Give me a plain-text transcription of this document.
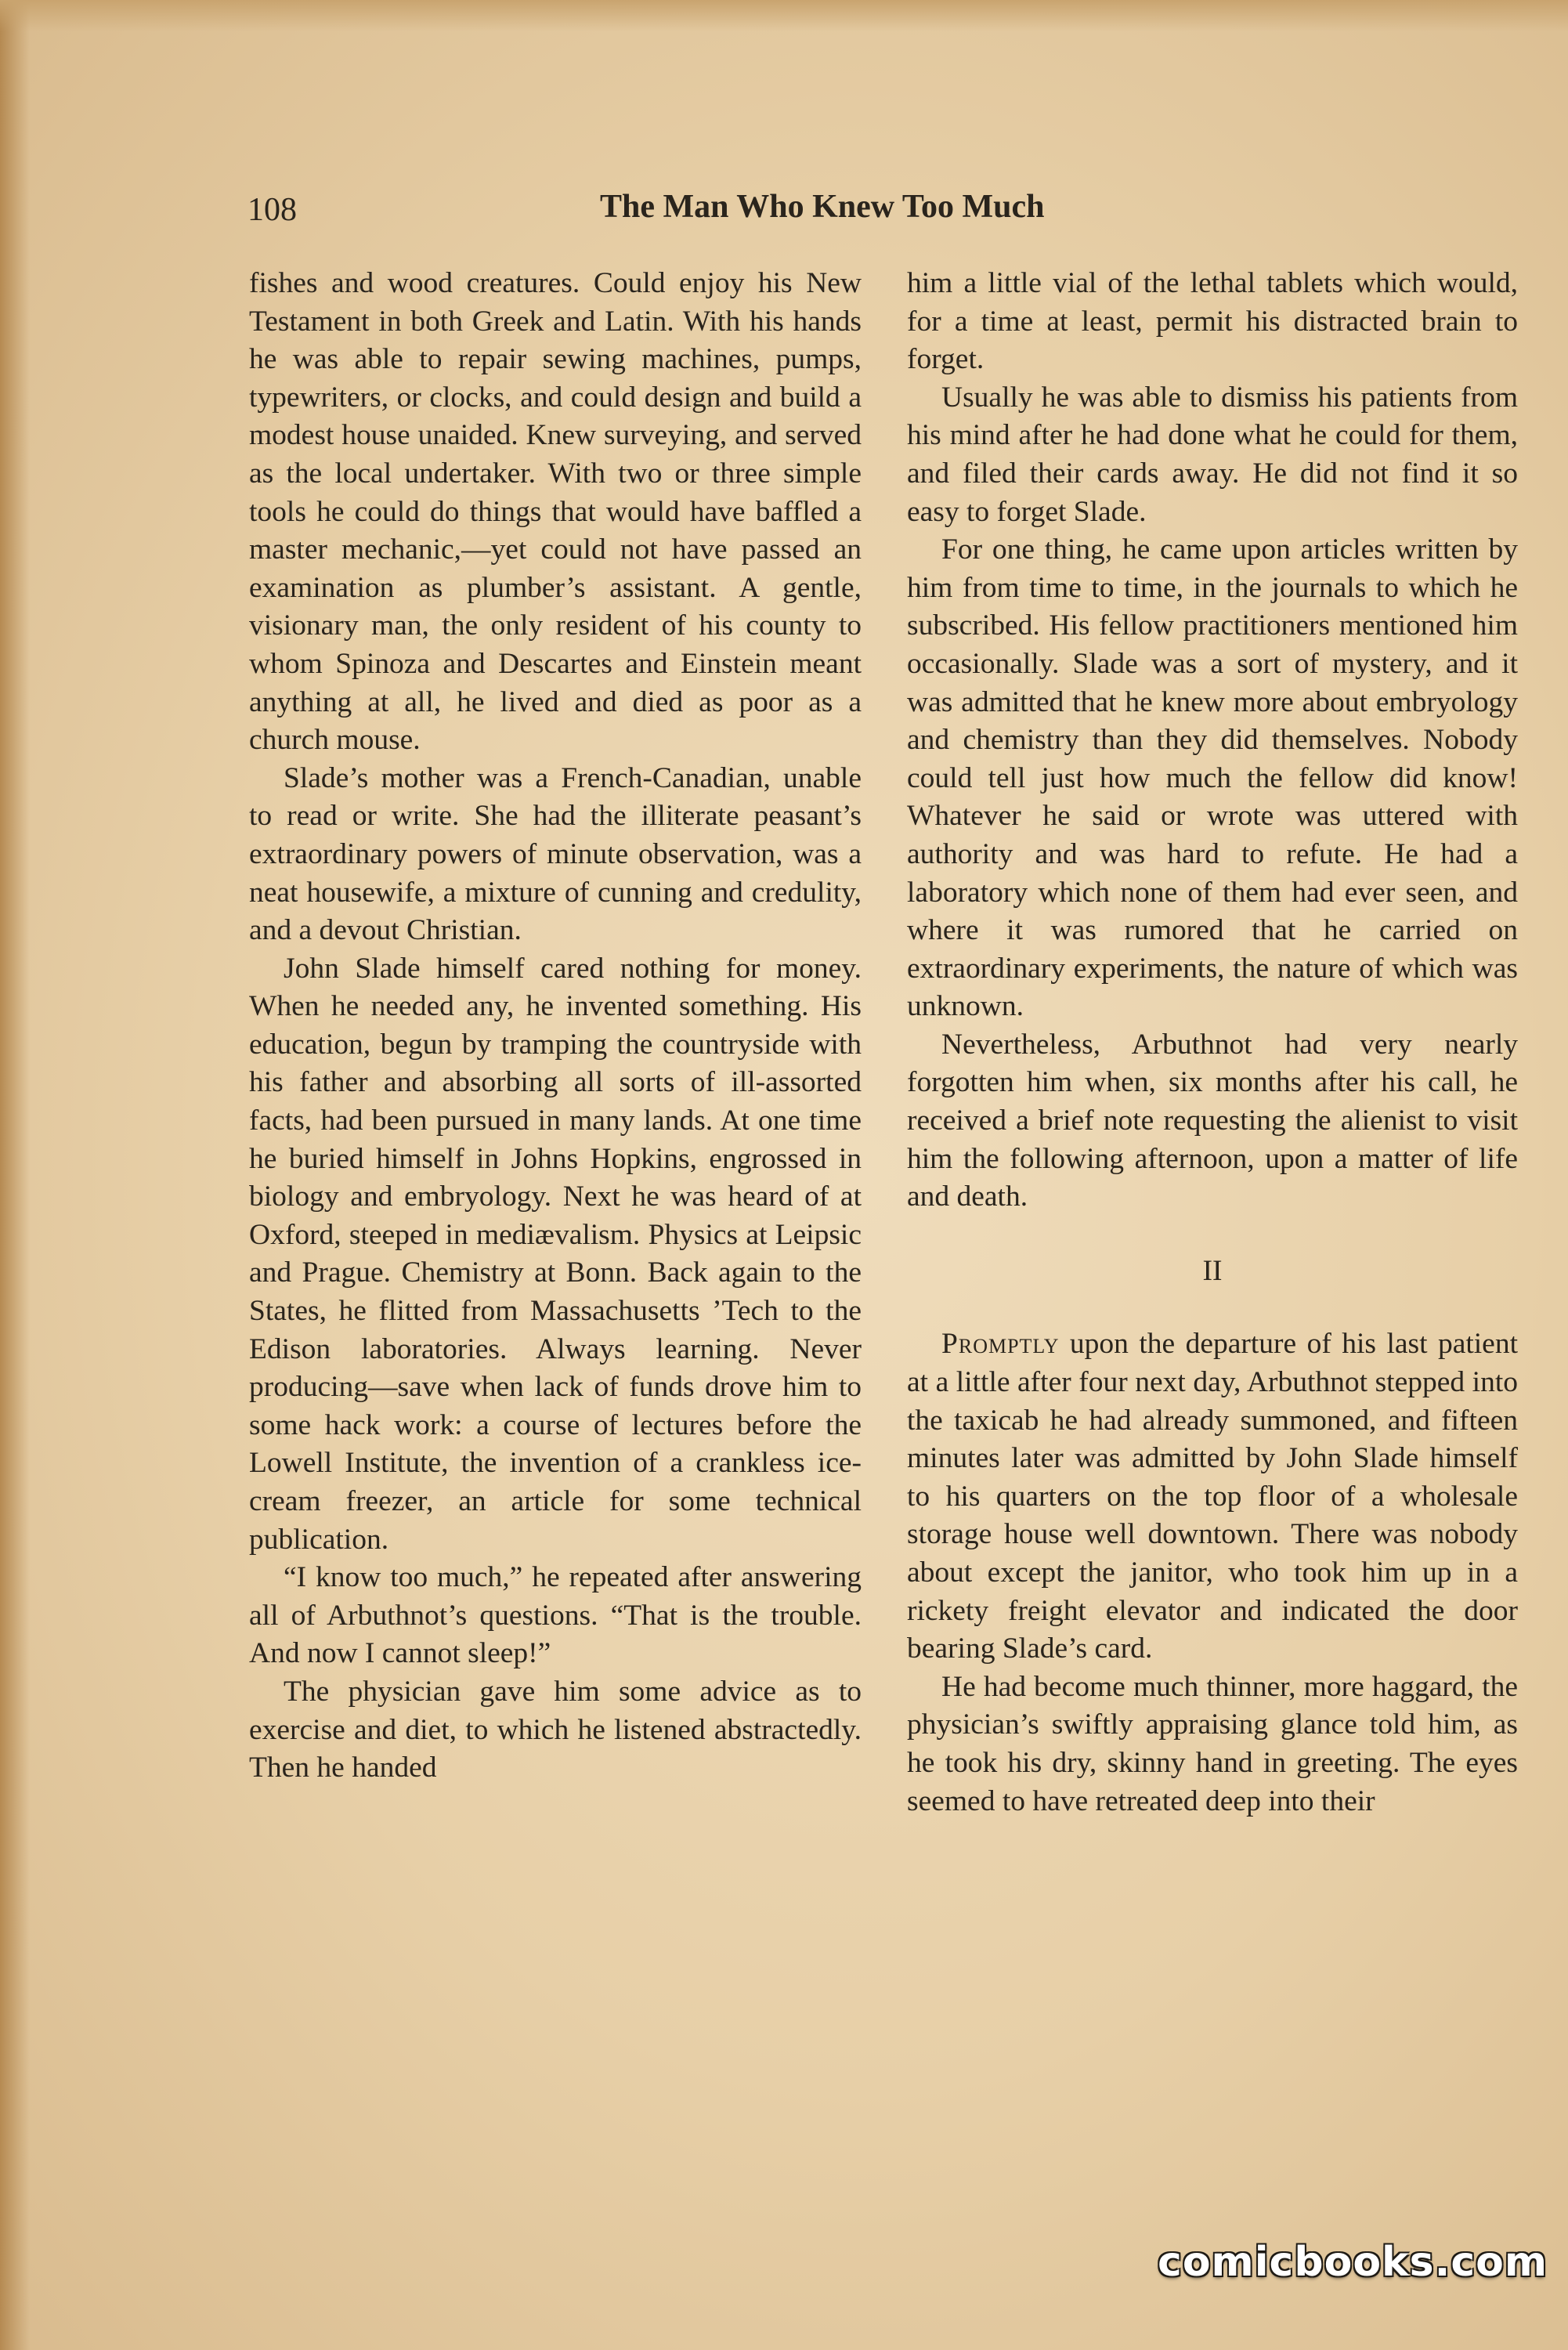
108	The Man Who Knew Too Much

fishes and wood creatures. Could enjoy his New Testament in both Greek and Latin. With his hands he was able to repair sewing machines, pumps, typewriters, or clocks, and could design and build a modest house unaided. Knew surveying, and served as the local undertaker. With two or three simple tools he could do things that would have baffled a master mechanic,—yet could not have passed an examination as plumber’s assistant. A gentle, visionary man, the only resident of his county to whom Spinoza and Descartes and Einstein meant anything at all, he lived and died as poor as a church mouse.

Slade’s mother was a French-Canadian, unable to read or write. She had the illiterate peasant’s extraordinary powers of minute observation, was a neat housewife, a mixture of cunning and credulity, and a devout Christian.

John Slade himself cared nothing for money. When he needed any, he invented something. His education, begun by tramping the countryside with his father and absorbing all sorts of ill-assorted facts, had been pursued in many lands. At one time he buried himself in Johns Hopkins, engrossed in biology and embryology. Next he was heard of at Oxford, steeped in mediævalism. Physics at Leipsic and Prague. Chemistry at Bonn. Back again to the States, he flitted from Massachusetts ’Tech to the Edison laboratories. Always learning. Never producing—save when lack of funds drove him to some hack work: a course of lectures before the Lowell Institute, the invention of a crankless ice-cream freezer, an article for some technical publication.

“I know too much,” he repeated after answering all of Arbuthnot’s questions. “That is the trouble. And now I cannot sleep!”

The physician gave him some advice as to exercise and diet, to which he listened abstractedly. Then he handed

him a little vial of the lethal tablets which would, for a time at least, permit his distracted brain to forget.

Usually he was able to dismiss his patients from his mind after he had done what he could for them, and filed their cards away. He did not find it so easy to forget Slade.

For one thing, he came upon articles written by him from time to time, in the journals to which he subscribed. His fellow practitioners mentioned him occasionally. Slade was a sort of mystery, and it was admitted that he knew more about embryology and chemistry than they did themselves. Nobody could tell just how much the fellow did know! Whatever he said or wrote was uttered with authority and was hard to refute. He had a laboratory which none of them had ever seen, and where it was rumored that he carried on extraordinary experiments, the nature of which was unknown.

Nevertheless, Arbuthnot had very nearly forgotten him when, six months after his call, he received a brief note requesting the alienist to visit him the following afternoon, upon a matter of life and death.

II

Promptly upon the departure of his last patient at a little after four next day, Arbuthnot stepped into the taxicab he had already summoned, and fifteen minutes later was admitted by John Slade himself to his quarters on the top floor of a wholesale storage house well downtown. There was nobody about except the janitor, who took him up in a rickety freight elevator and indicated the door bearing Slade’s card.

He had become much thinner, more haggard, the physician’s swiftly appraising glance told him, as he took his dry, skinny hand in greeting. The eyes seemed to have retreated deep into their

comicbooks.com
